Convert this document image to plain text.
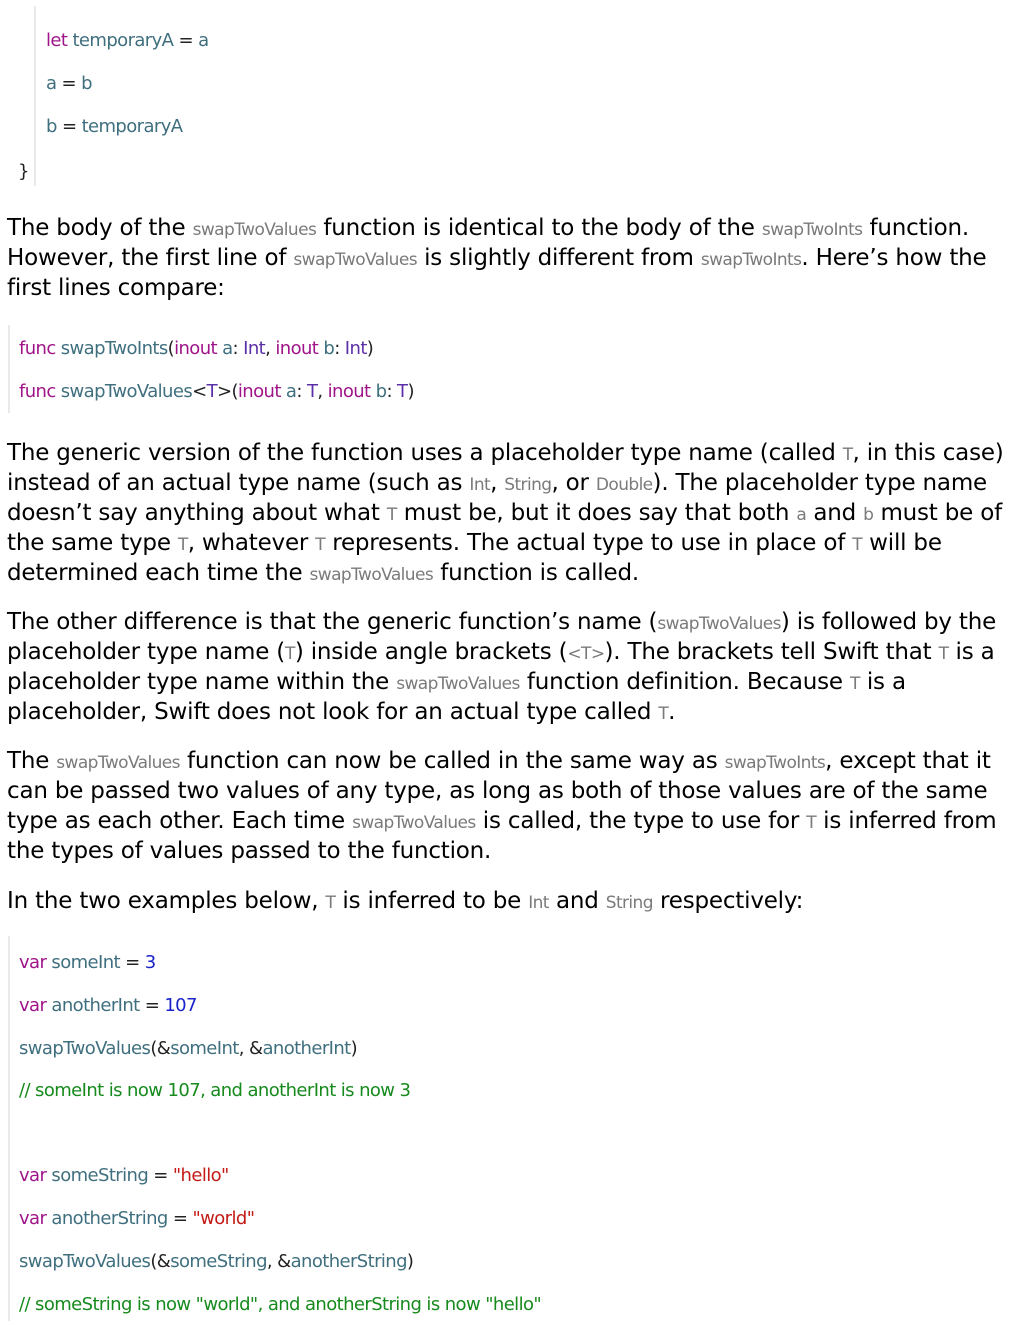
let temporaryA = a
a = b
b = temporaryA
}
The body of the swapTwoValues function is identical to the body of the swapTwoInts function.
However, the first line of swapTwoValues is slightly different from swapTwoInts. Here’s how the
first lines compare:
func swapTwoInts(inout a: Int, inout b: Int)
func swapTwoValues<T>(inout a: T, inout b: T)
The generic version of the function uses a placeholder type name (called T, in this case)
instead of an actual type name (such as Int, String, or Double). The placeholder type name
doesn’t say anything about what T must be, but it does say that both a and b must be of
the same type T, whatever T represents. The actual type to use in place of T will be
determined each time the swapTwoValues function is called.
The other difference is that the generic function’s name (swapTwoValues) is followed by the
placeholder type name (T) inside angle brackets (<T>). The brackets tell Swift that T is a
placeholder type name within the swapTwoValues function definition. Because T is a
placeholder, Swift does not look for an actual type called T.
The swapTwoValues function can now be called in the same way as swapTwoInts, except that it
can be passed two values of any type, as long as both of those values are of the same
type as each other. Each time swapTwoValues is called, the type to use for T is inferred from
the types of values passed to the function.
In the two examples below, T is inferred to be Int and String respectively:
var someInt = 3
var anotherInt = 107
swapTwoValues(&someInt, &anotherInt)
// someInt is now 107, and anotherInt is now 3
var someString = "hello"
var anotherString = "world"
swapTwoValues(&someString, &anotherString)
// someString is now "world", and anotherString is now "hello"
